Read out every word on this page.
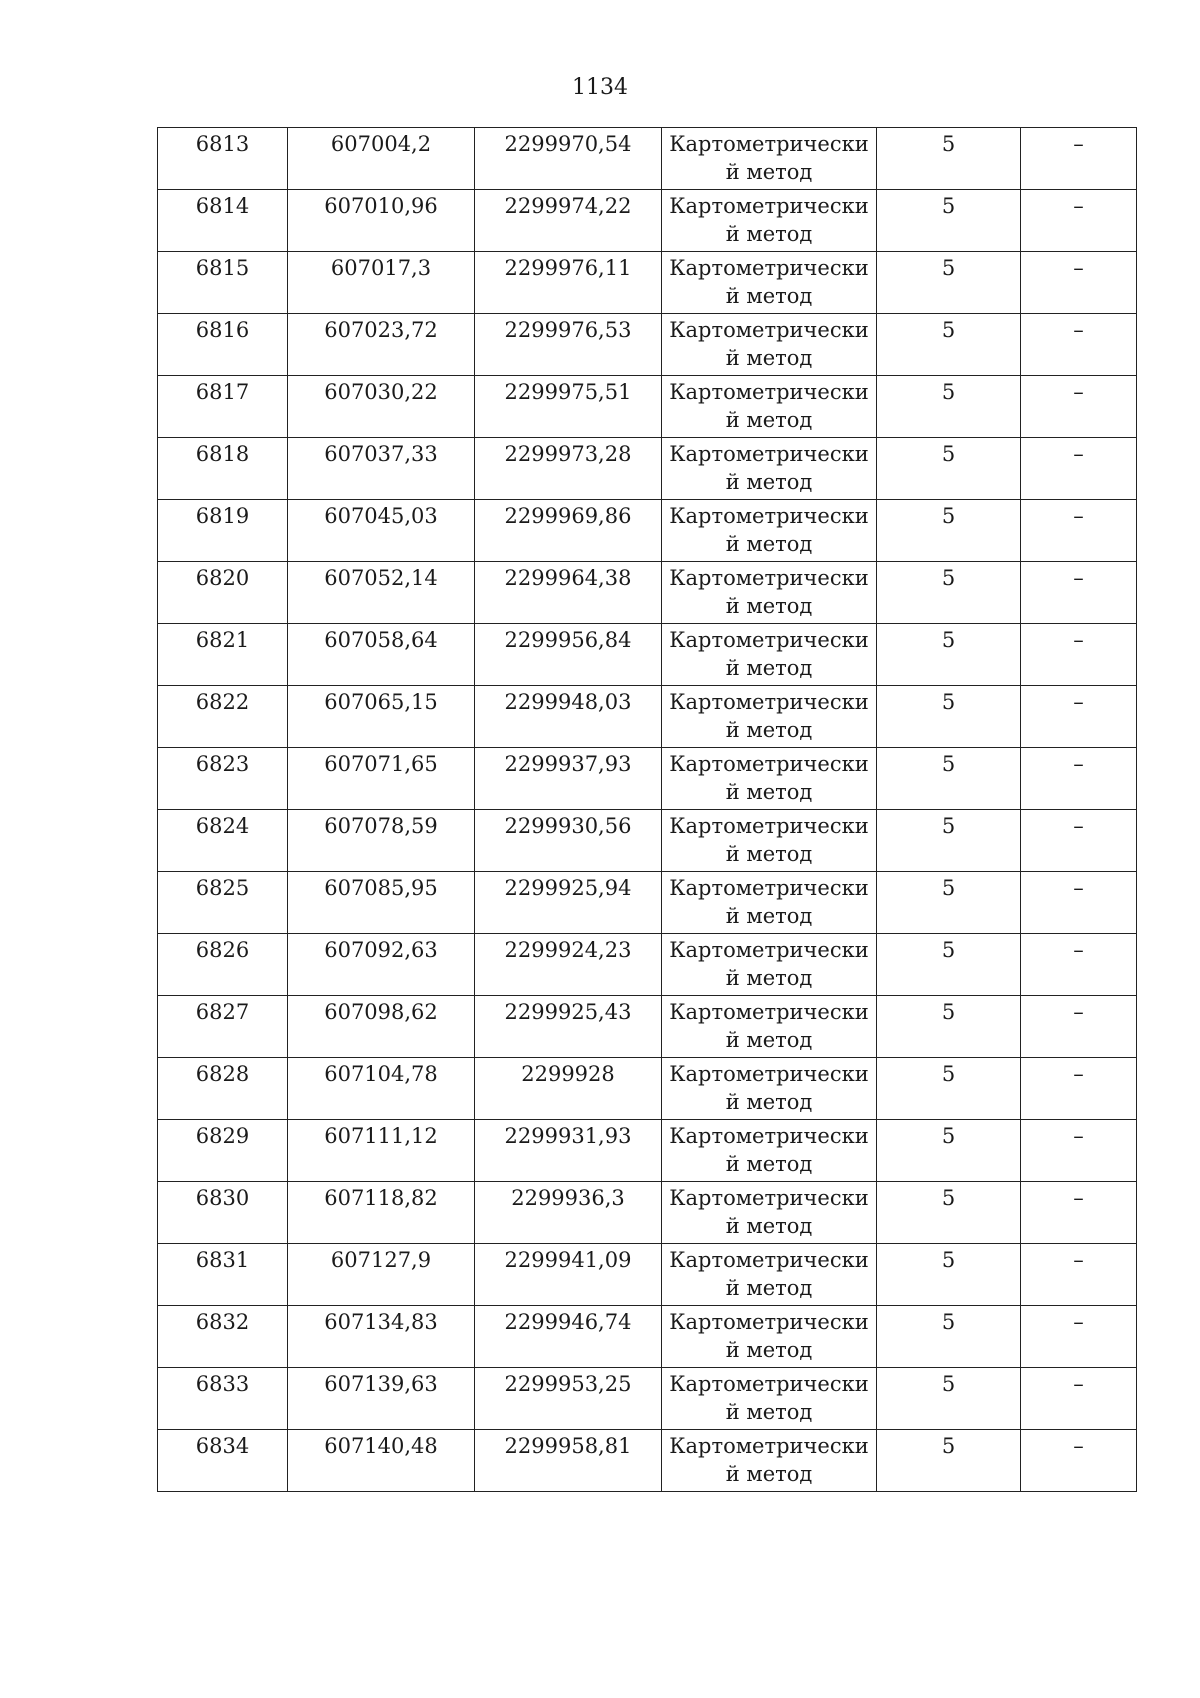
1134
6813	607004,2	2299970,54	Картометрически
й метод	5	–
6814	607010,96	2299974,22	Картометрически
й метод	5	–
6815	607017,3	2299976,11	Картометрически
й метод	5	–
6816	607023,72	2299976,53	Картометрически
й метод	5	–
6817	607030,22	2299975,51	Картометрически
й метод	5	–
6818	607037,33	2299973,28	Картометрически
й метод	5	–
6819	607045,03	2299969,86	Картометрически
й метод	5	–
6820	607052,14	2299964,38	Картометрически
й метод	5	–
6821	607058,64	2299956,84	Картометрически
й метод	5	–
6822	607065,15	2299948,03	Картометрически
й метод	5	–
6823	607071,65	2299937,93	Картометрически
й метод	5	–
6824	607078,59	2299930,56	Картометрически
й метод	5	–
6825	607085,95	2299925,94	Картометрически
й метод	5	–
6826	607092,63	2299924,23	Картометрически
й метод	5	–
6827	607098,62	2299925,43	Картометрически
й метод	5	–
6828	607104,78	2299928	Картометрически
й метод	5	–
6829	607111,12	2299931,93	Картометрически
й метод	5	–
6830	607118,82	2299936,3	Картометрически
й метод	5	–
6831	607127,9	2299941,09	Картометрически
й метод	5	–
6832	607134,83	2299946,74	Картометрически
й метод	5	–
6833	607139,63	2299953,25	Картометрически
й метод	5	–
6834	607140,48	2299958,81	Картометрически
й метод	5	–
